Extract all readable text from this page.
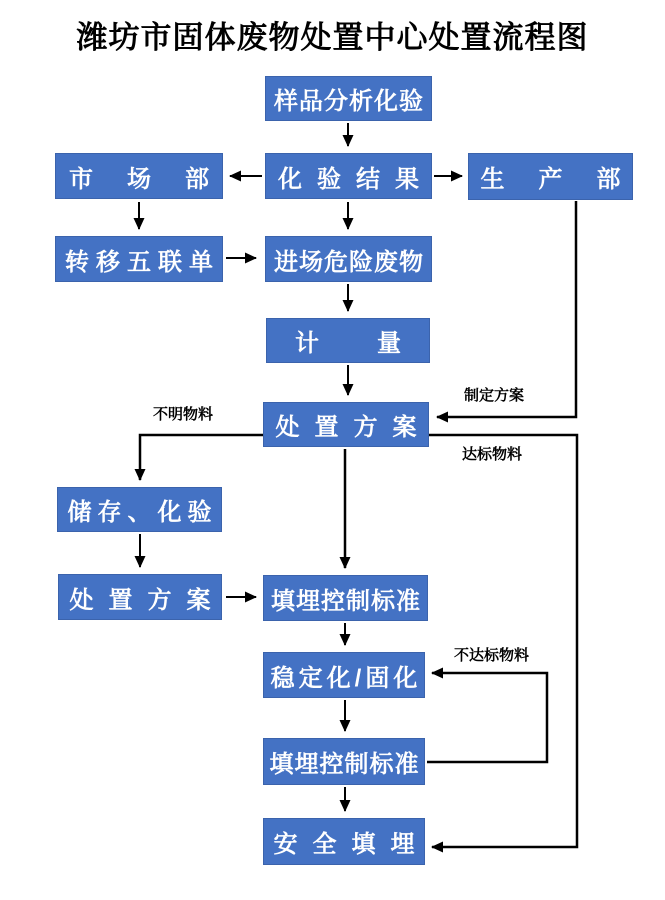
潍坊市固体废物处置中心处置流程图
样品分析化验
市场部 化验结果 生产部
转移五联单 进场危险废物
计量
处置方案
储存、化验
处置方案 填埋控制标准
稳定化/固化
填埋控制标准
安全填埋
制定方案
不明物料
达标物料
不达标物料
